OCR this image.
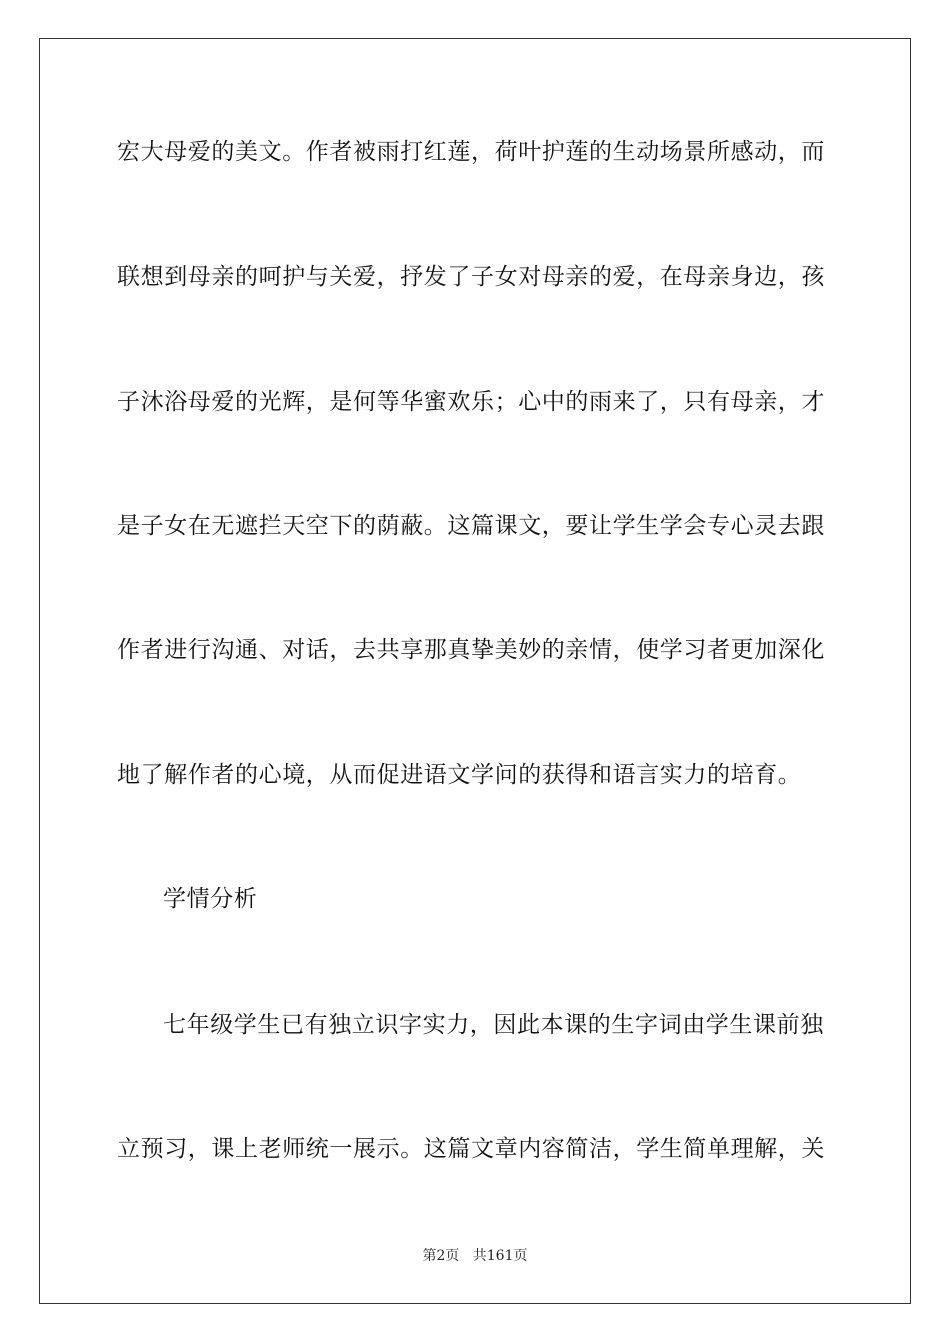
宏大母爱的美文。作者被雨打红莲，荷叶护莲的生动场景所感动，而
联想到母亲的呵护与关爱，抒发了子女对母亲的爱，在母亲身边，孩
子沐浴母爱的光辉，是何等华蜜欢乐；心中的雨来了，只有母亲，才
是子女在无遮拦天空下的荫蔽。这篇课文，要让学生学会专心灵去跟
作者进行沟通、对话，去共享那真挚美妙的亲情，使学习者更加深化
地了解作者的心境，从而促进语文学问的获得和语言实力的培育。
学情分析
七年级学生已有独立识字实力，因此本课的生字词由学生课前独
立预习，课上老师统一展示。这篇文章内容简洁，学生简单理解，关
第2页 共161页
